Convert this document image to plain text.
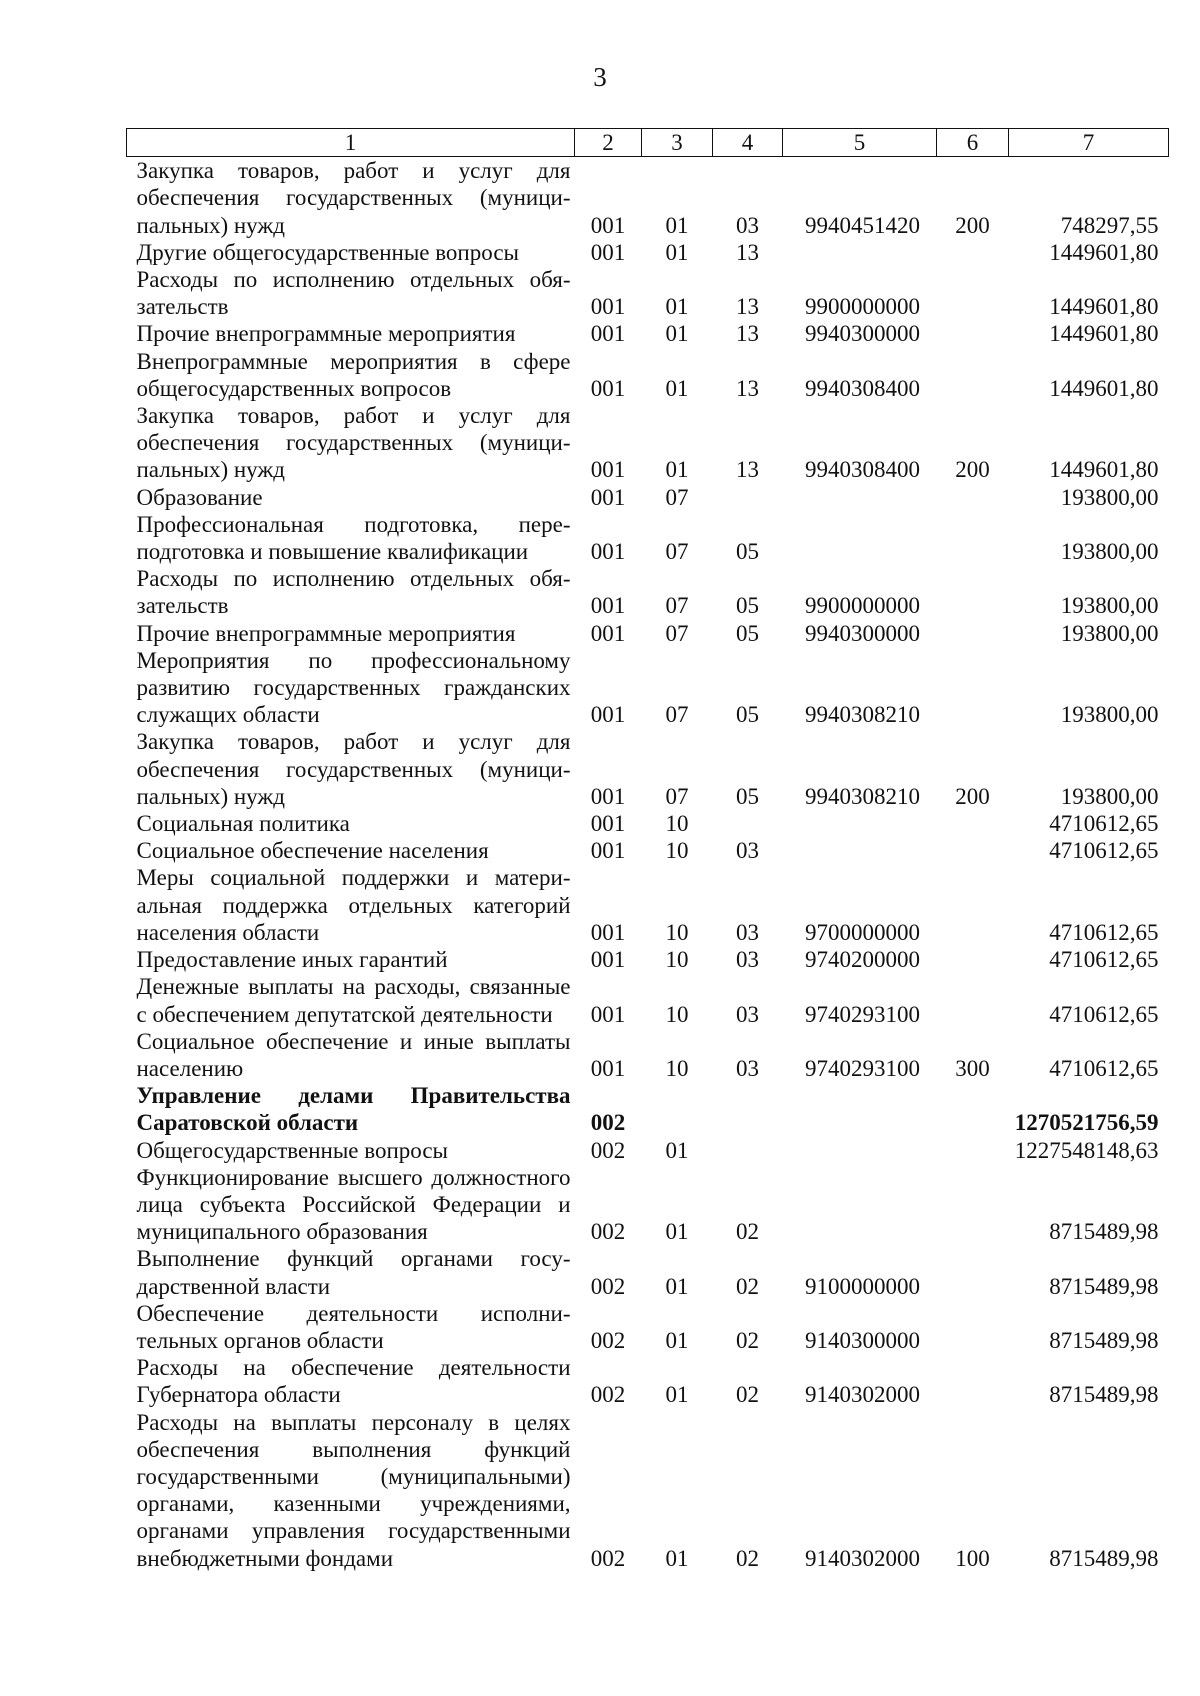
3
1	2	3	4	5	6	7
Закупка товаров, работ и услуг для обеспечения государственных (муниципальных) нужд	001	01	03	9940451420	200	748297,55
Другие общегосударственные вопросы	001	01	13			1449601,80
Расходы по исполнению отдельных обязательств	001	01	13	9900000000		1449601,80
Прочие внепрограммные мероприятия	001	01	13	9940300000		1449601,80
Внепрограммные мероприятия в сфере общегосударственных вопросов	001	01	13	9940308400		1449601,80
Закупка товаров, работ и услуг для обеспечения государственных (муниципальных) нужд	001	01	13	9940308400	200	1449601,80
Образование	001	07				193800,00
Профессиональная подготовка, переподготовка и повышение квалификации	001	07	05			193800,00
Расходы по исполнению отдельных обязательств	001	07	05	9900000000		193800,00
Прочие внепрограммные мероприятия	001	07	05	9940300000		193800,00
Мероприятия по профессиональному развитию государственных гражданских служащих области	001	07	05	9940308210		193800,00
Закупка товаров, работ и услуг для обеспечения государственных (муниципальных) нужд	001	07	05	9940308210	200	193800,00
Социальная политика	001	10				4710612,65
Социальное обеспечение населения	001	10	03			4710612,65
Меры социальной поддержки и материальная поддержка отдельных категорий населения области	001	10	03	9700000000		4710612,65
Предоставление иных гарантий	001	10	03	9740200000		4710612,65
Денежные выплаты на расходы, связанные с обеспечением депутатской деятельности	001	10	03	9740293100		4710612,65
Социальное обеспечение и иные выплаты населению	001	10	03	9740293100	300	4710612,65
Управление делами Правительства Саратовской области	002					1270521756,59
Общегосударственные вопросы	002	01				1227548148,63
Функционирование высшего должностного лица субъекта Российской Федерации и муниципального образования	002	01	02			8715489,98
Выполнение функций органами государственной власти	002	01	02	9100000000		8715489,98
Обеспечение деятельности исполнительных органов области	002	01	02	9140300000		8715489,98
Расходы на обеспечение деятельности Губернатора области	002	01	02	9140302000		8715489,98
Расходы на выплаты персоналу в целях обеспечения выполнения функций государственными (муниципальными) органами, казенными учреждениями, органами управления государственными внебюджетными фондами	002	01	02	9140302000	100	8715489,98
